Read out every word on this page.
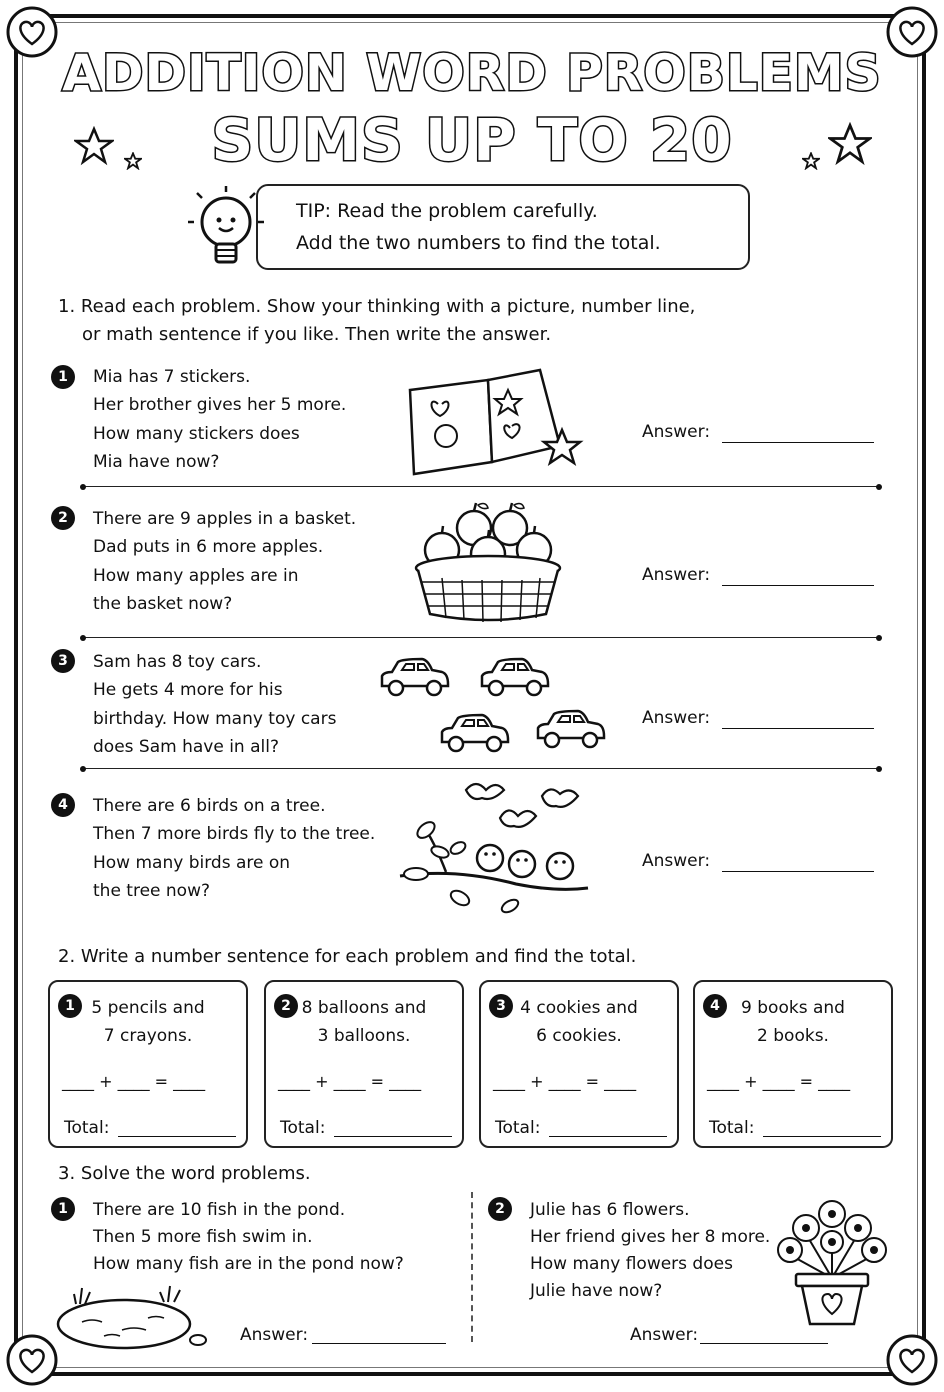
ADDITION WORD PROBLEMS
SUMS UP TO 20
TIP: Read the problem carefully.
Add the two numbers to find the total.
1. Read each problem. Show your thinking with a picture, number line,
or math sentence if you like. Then write the answer.
1	Mia has 7 stickers.
Her brother gives her 5 more.
How many stickers does
Mia have now?
Answer:
2	There are 9 apples in a basket.
Dad puts in 6 more apples.
How many apples are in
the basket now?
Answer:
3	Sam has 8 toy cars.
He gets 4 more for his
birthday. How many toy cars
does Sam have in all?
Answer:
4	There are 6 birds on a tree.
Then 7 more birds fly to the tree.
How many birds are on
the tree now?
Answer:
2. Write a number sentence for each problem and find the total.
1 5 pencils and
7 crayons.
____ + ____ = ____
Total:
2 8 balloons and
3 balloons.
____ + ____ = ____
Total:
3 4 cookies and
6 cookies.
____ + ____ = ____
Total:
4	9 books and
2 books.
____ + ____ = ____
Total:
3. Solve the word problems.
1	There are 10 fish in the pond.
Then 5 more fish swim in.
How many fish are in the pond now?
Answer:
2	Julie has 6 flowers.
Her friend gives her 8 more.
How many flowers does
Julie have now?
Answer:
